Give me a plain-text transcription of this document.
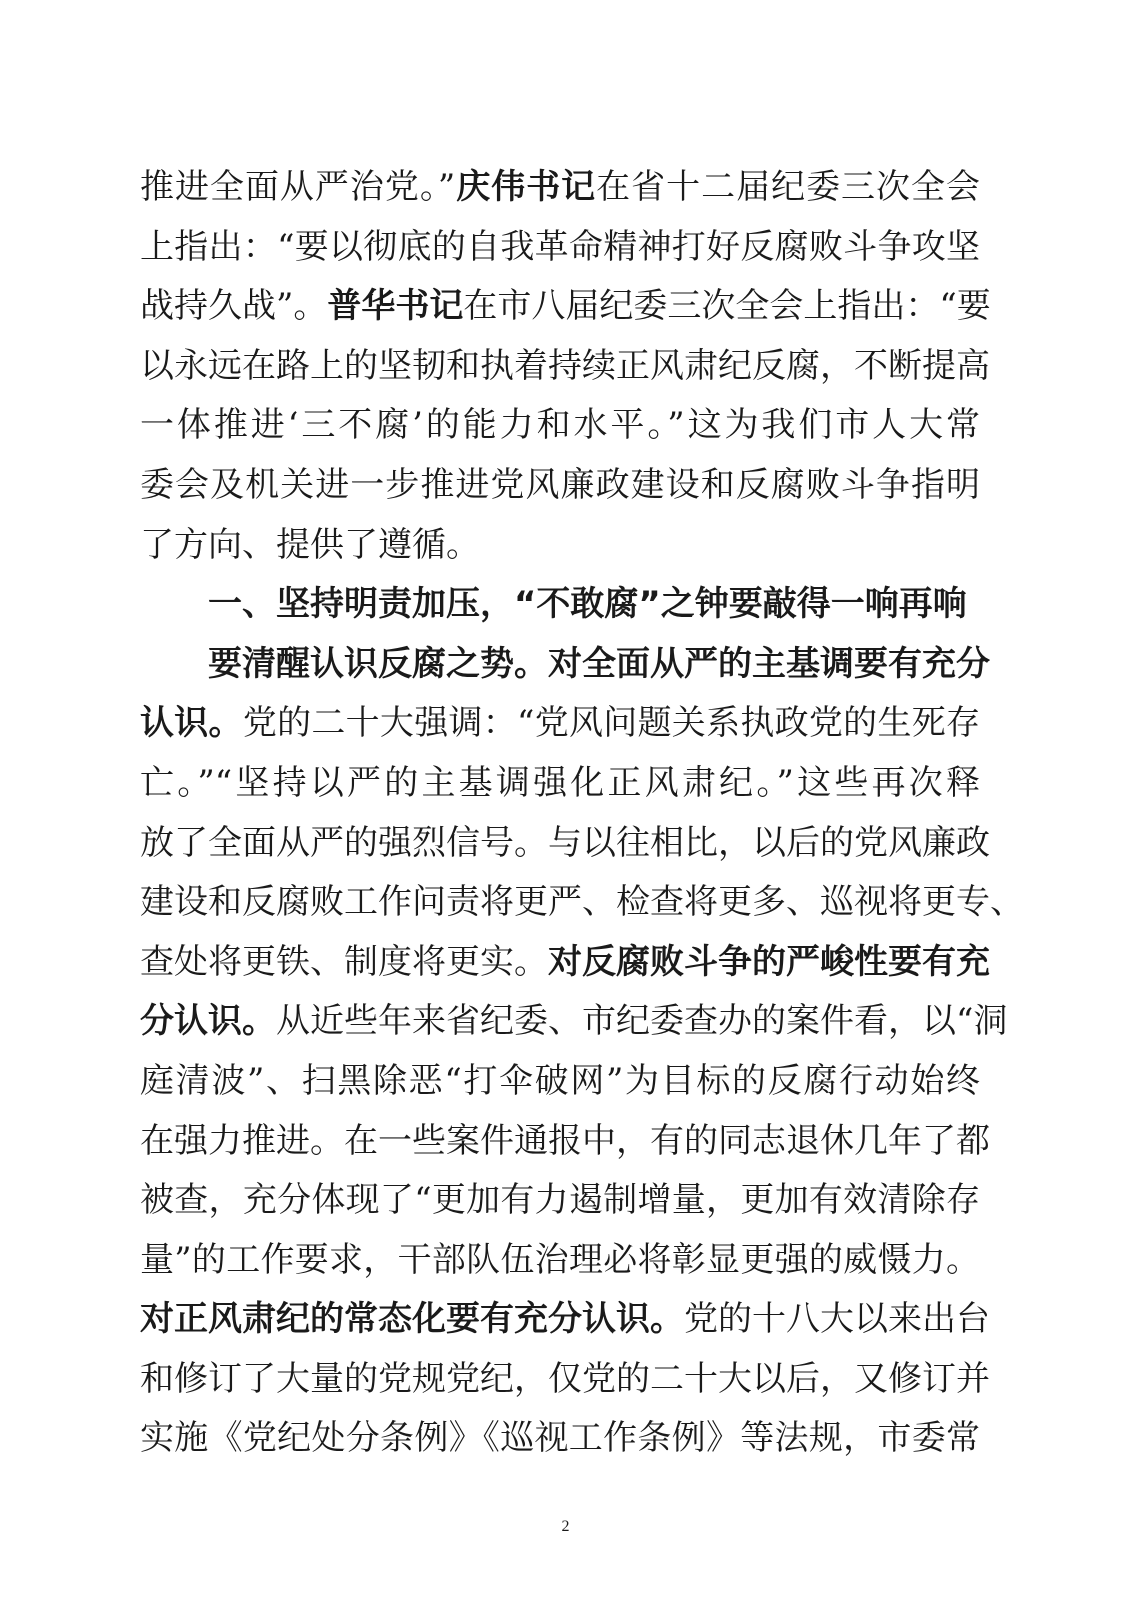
推进全面从严治党。”庆伟书记在省十二届纪委三次全会
上指出：“要以彻底的自我革命精神打好反腐败斗争攻坚
战持久战”。普华书记在市八届纪委三次全会上指出：“要
以永远在路上的坚韧和执着持续正风肃纪反腐，不断提高
一体推进‘三不腐’的能力和水平。”这为我们市人大常
委会及机关进一步推进党风廉政建设和反腐败斗争指明
了方向、提供了遵循。
一、坚持明责加压，“不敢腐”之钟要敲得一响再响
要清醒认识反腐之势。对全面从严的主基调要有充分
认识。党的二十大强调：“党风问题关系执政党的生死存
亡。”“坚持以严的主基调强化正风肃纪。”这些再次释
放了全面从严的强烈信号。与以往相比，以后的党风廉政
建设和反腐败工作问责将更严、检查将更多、巡视将更专、
查处将更铁、制度将更实。对反腐败斗争的严峻性要有充
分认识。从近些年来省纪委、市纪委查办的案件看，以“洞
庭清波”、扫黑除恶“打伞破网”为目标的反腐行动始终
在强力推进。在一些案件通报中，有的同志退休几年了都
被查，充分体现了“更加有力遏制增量，更加有效清除存
量”的工作要求，干部队伍治理必将彰显更强的威慑力。
对正风肃纪的常态化要有充分认识。党的十八大以来出台
和修订了大量的党规党纪，仅党的二十大以后，又修订并
实施《党纪处分条例》《巡视工作条例》等法规，市委常
2
